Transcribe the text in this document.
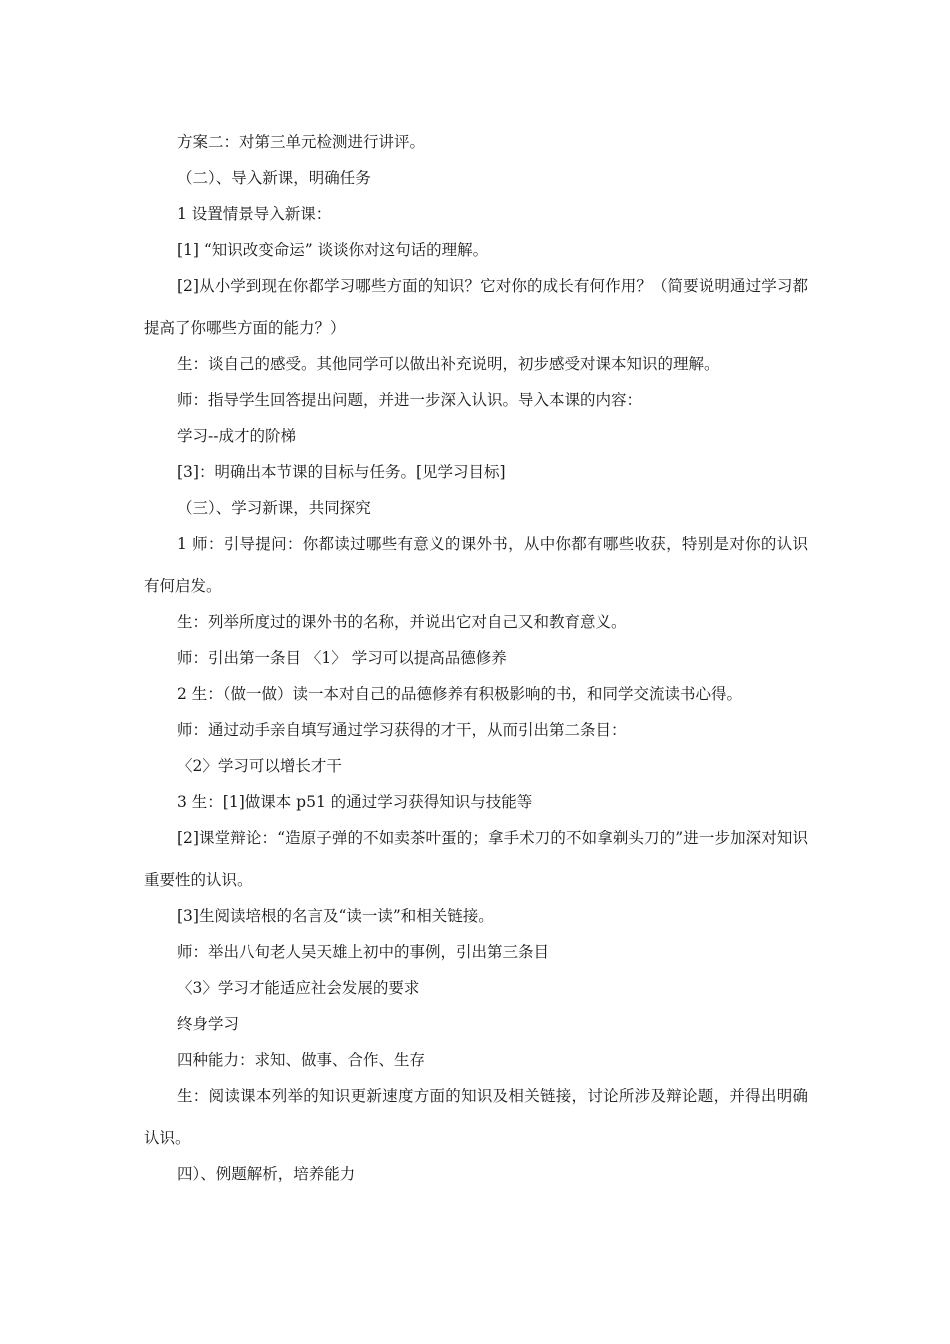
方案二：对第三单元检测进行讲评。

（二）、导入新课，明确任务

1 设置情景导入新课：

[1] “知识改变命运” 谈谈你对这句话的理解。

[2]从小学到现在你都学习哪些方面的知识？它对你的成长有何作用？（简要说明通过学习都提高了你哪些方面的能力？）

生：谈自己的感受。其他同学可以做出补充说明，初步感受对课本知识的理解。

师：指导学生回答提出问题，并进一步深入认识。导入本课的内容：

学习--成才的阶梯

[3]：明确出本节课的目标与任务。[见学习目标]

（三）、学习新课，共同探究

1 师：引导提问：你都读过哪些有意义的课外书，从中你都有哪些收获，特别是对你的认识有何启发。

生：列举所度过的课外书的名称，并说出它对自己又和教育意义。

师：引出第一条目 〈1〉 学习可以提高品德修养

2 生：（做一做）读一本对自己的品德修养有积极影响的书，和同学交流读书心得。

师：通过动手亲自填写通过学习获得的才干，从而引出第二条目：

〈2〉学习可以增长才干

3 生：[1]做课本 p51 的通过学习获得知识与技能等

[2]课堂辩论：“造原子弹的不如卖茶叶蛋的；拿手术刀的不如拿剃头刀的”进一步加深对知识重要性的认识。

[3]生阅读培根的名言及“读一读”和相关链接。

师：举出八旬老人吴天雄上初中的事例，引出第三条目

〈3〉学习才能适应社会发展的要求

终身学习

四种能力：求知、做事、合作、生存

生：阅读课本列举的知识更新速度方面的知识及相关链接，讨论所涉及辩论题，并得出明确认识。

四）、例题解析，培养能力
